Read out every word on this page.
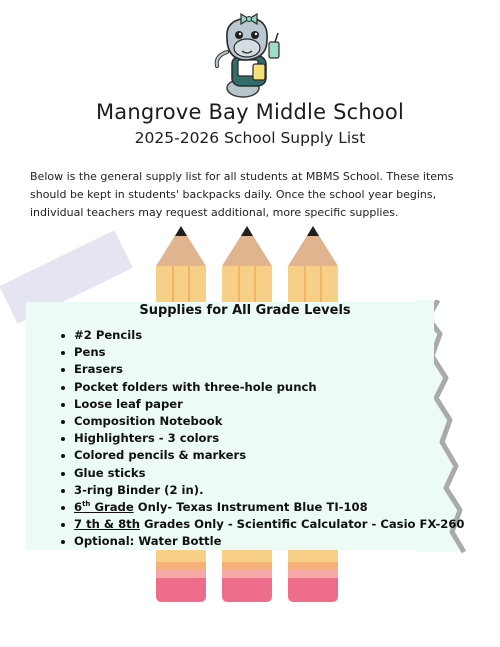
Mangrove Bay Middle School
2025-2026 School Supply List
Below is the general supply list for all students at MBMS School. These items should be kept in students' backpacks daily. Once the school year begins, individual teachers may request additional, more specific supplies.
Supplies for All Grade Levels
#2 Pencils
Pens
Erasers
Pocket folders with three-hole punch
Loose leaf paper
Composition Notebook
Highlighters - 3 colors
Colored pencils & markers
Glue sticks
3-ring Binder (2 in).
6th Grade Only- Texas Instrument Blue TI-108
7 th & 8th Grades Only - Scientific Calculator - Casio FX-260
Optional: Water Bottle
